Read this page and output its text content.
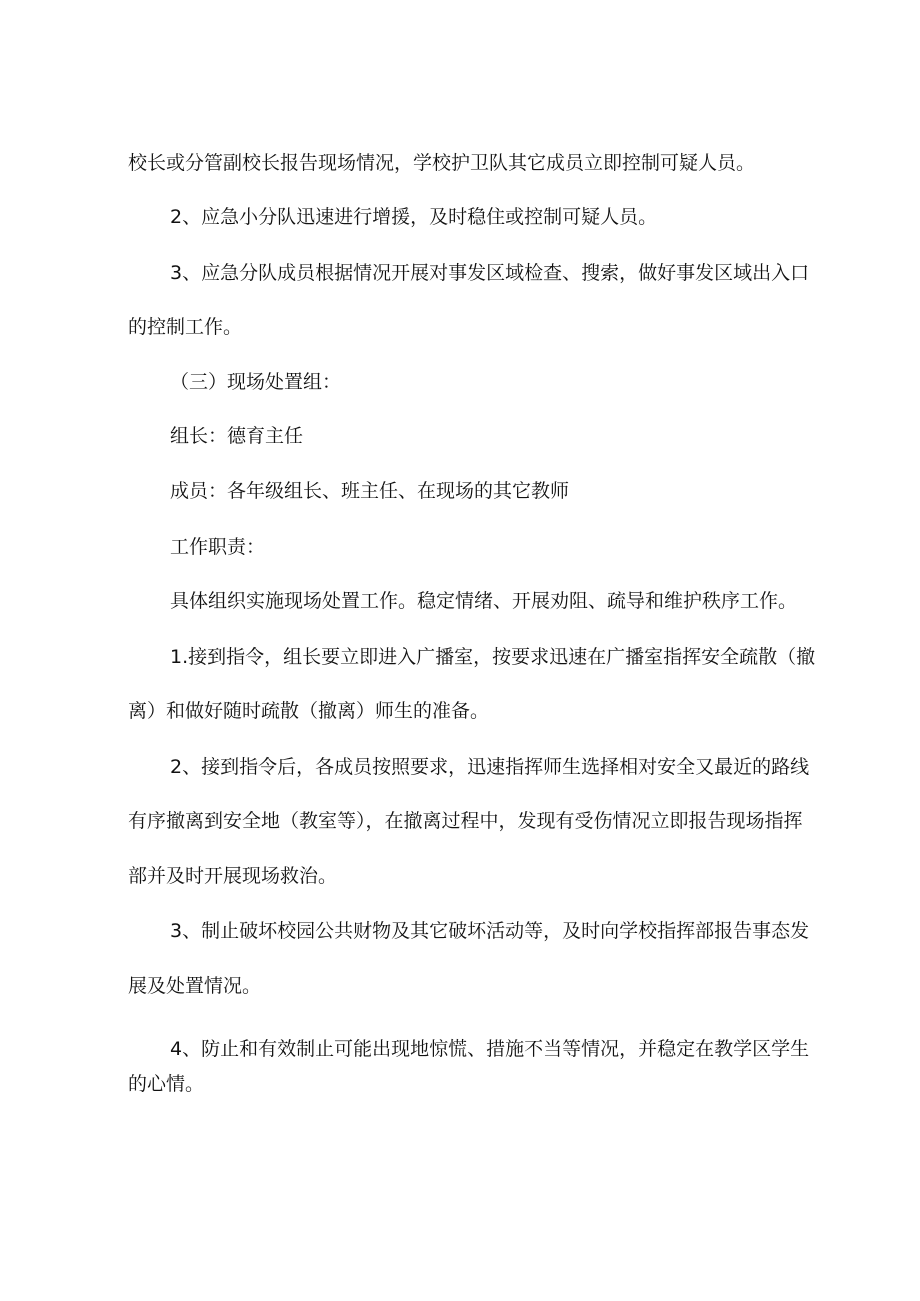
校长或分管副校长报告现场情况，学校护卫队其它成员立即控制可疑人员。
2、应急小分队迅速进行增援，及时稳住或控制可疑人员。
3、应急分队成员根据情况开展对事发区域检查、搜索，做好事发区域出入口
的控制工作。
（三）现场处置组：
组长：德育主任
成员：各年级组长、班主任、在现场的其它教师
工作职责：
具体组织实施现场处置工作。稳定情绪、开展劝阻、疏导和维护秩序工作。
1.接到指令，组长要立即进入广播室，按要求迅速在广播室指挥安全疏散（撤
离）和做好随时疏散（撤离）师生的准备。
2、接到指令后，各成员按照要求，迅速指挥师生选择相对安全又最近的路线
有序撤离到安全地（教室等），在撤离过程中，发现有受伤情况立即报告现场指挥
部并及时开展现场救治。
3、制止破坏校园公共财物及其它破坏活动等，及时向学校指挥部报告事态发
展及处置情况。
4、防止和有效制止可能出现地惊慌、措施不当等情况，并稳定在教学区学生
的心情。
